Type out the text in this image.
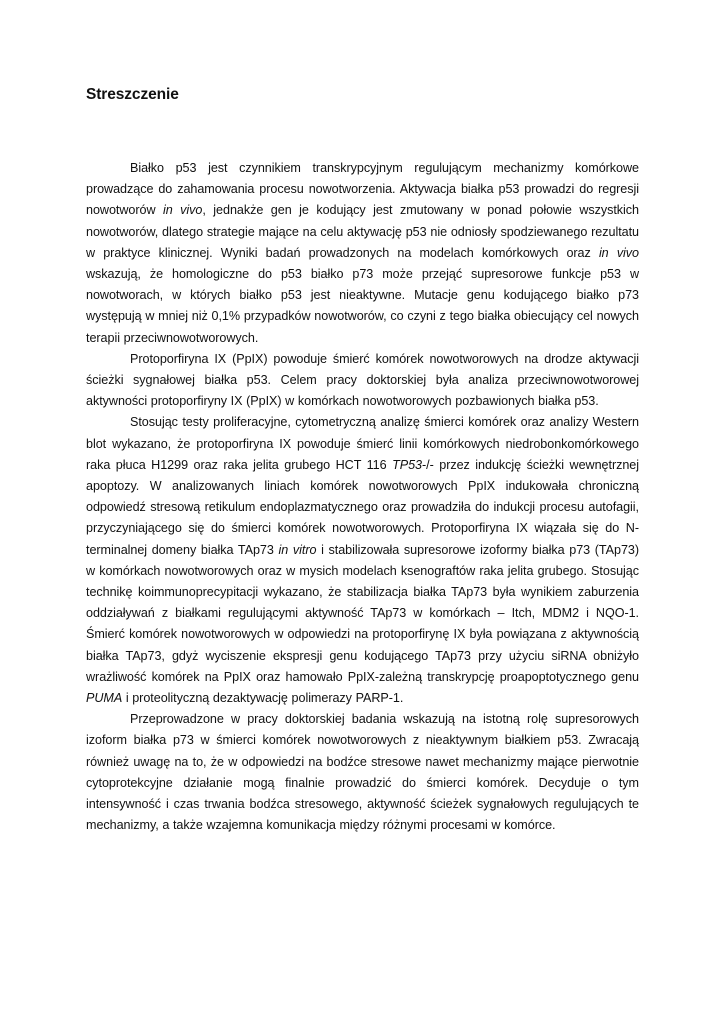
Streszczenie

Białko p53 jest czynnikiem transkrypcyjnym regulującym mechanizmy komórkowe prowadzące do zahamowania procesu nowotworzenia. Aktywacja białka p53 prowadzi do regresji nowotworów in vivo, jednakże gen je kodujący jest zmutowany w ponad połowie wszystkich nowotworów, dlatego strategie mające na celu aktywację p53 nie odniosły spodziewanego rezultatu w praktyce klinicznej. Wyniki badań prowadzonych na modelach komórkowych oraz in vivo wskazują, że homologiczne do p53 białko p73 może przejąć supresorowe funkcje p53 w nowotworach, w których białko p53 jest nieaktywne. Mutacje genu kodującego białko p73 występują w mniej niż 0,1% przypadków nowotworów, co czyni z tego białka obiecujący cel nowych terapii przeciwnowotworowych.

Protoporfiryna IX (PpIX) powoduje śmierć komórek nowotworowych na drodze aktywacji ścieżki sygnałowej białka p53. Celem pracy doktorskiej była analiza przeciwnowotworowej aktywności protoporfiryny IX (PpIX) w komórkach nowotworowych pozbawionych białka p53.

Stosując testy proliferacyjne, cytometryczną analizę śmierci komórek oraz analizy Western blot wykazano, że protoporfiryna IX powoduje śmierć linii komórkowych niedrobonkomórkowego raka płuca H1299 oraz raka jelita grubego HCT 116 TP53-/- przez indukcję ścieżki wewnętrznej apoptozy. W analizowanych liniach komórek nowotworowych PpIX indukowała chroniczną odpowiedź stresową retikulum endoplazmatycznego oraz prowadziła do indukcji procesu autofagii, przyczyniającego się do śmierci komórek nowotworowych. Protoporfiryna IX wiązała się do N-terminalnej domeny białka TAp73 in vitro i stabilizowała supresorowe izoformy białka p73 (TAp73) w komórkach nowotworowych oraz w mysich modelach ksenograftów raka jelita grubego. Stosując technikę koimmunoprecypitacji wykazano, że stabilizacja białka TAp73 była wynikiem zaburzenia oddziaływań z białkami regulującymi aktywność TAp73 w komórkach – Itch, MDM2 i NQO-1. Śmierć komórek nowotworowych w odpowiedzi na protoporfirynę IX była powiązana z aktywnością białka TAp73, gdyż wyciszenie ekspresji genu kodującego TAp73 przy użyciu siRNA obniżyło wrażliwość komórek na PpIX oraz hamowało PpIX-zależną transkrypcję proapoptotycznego genu PUMA i proteolityczną dezaktywację polimerazy PARP-1.

Przeprowadzone w pracy doktorskiej badania wskazują na istotną rolę supresorowych izoform białka p73 w śmierci komórek nowotworowych z nieaktywnym białkiem p53. Zwracają również uwagę na to, że w odpowiedzi na bodźce stresowe nawet mechanizmy mające pierwotnie cytoprotekcyjne działanie mogą finalnie prowadzić do śmierci komórek. Decyduje o tym intensywność i czas trwania bodźca stresowego, aktywność ścieżek sygnałowych regulujących te mechanizmy, a także wzajemna komunikacja między różnymi procesami w komórce.
